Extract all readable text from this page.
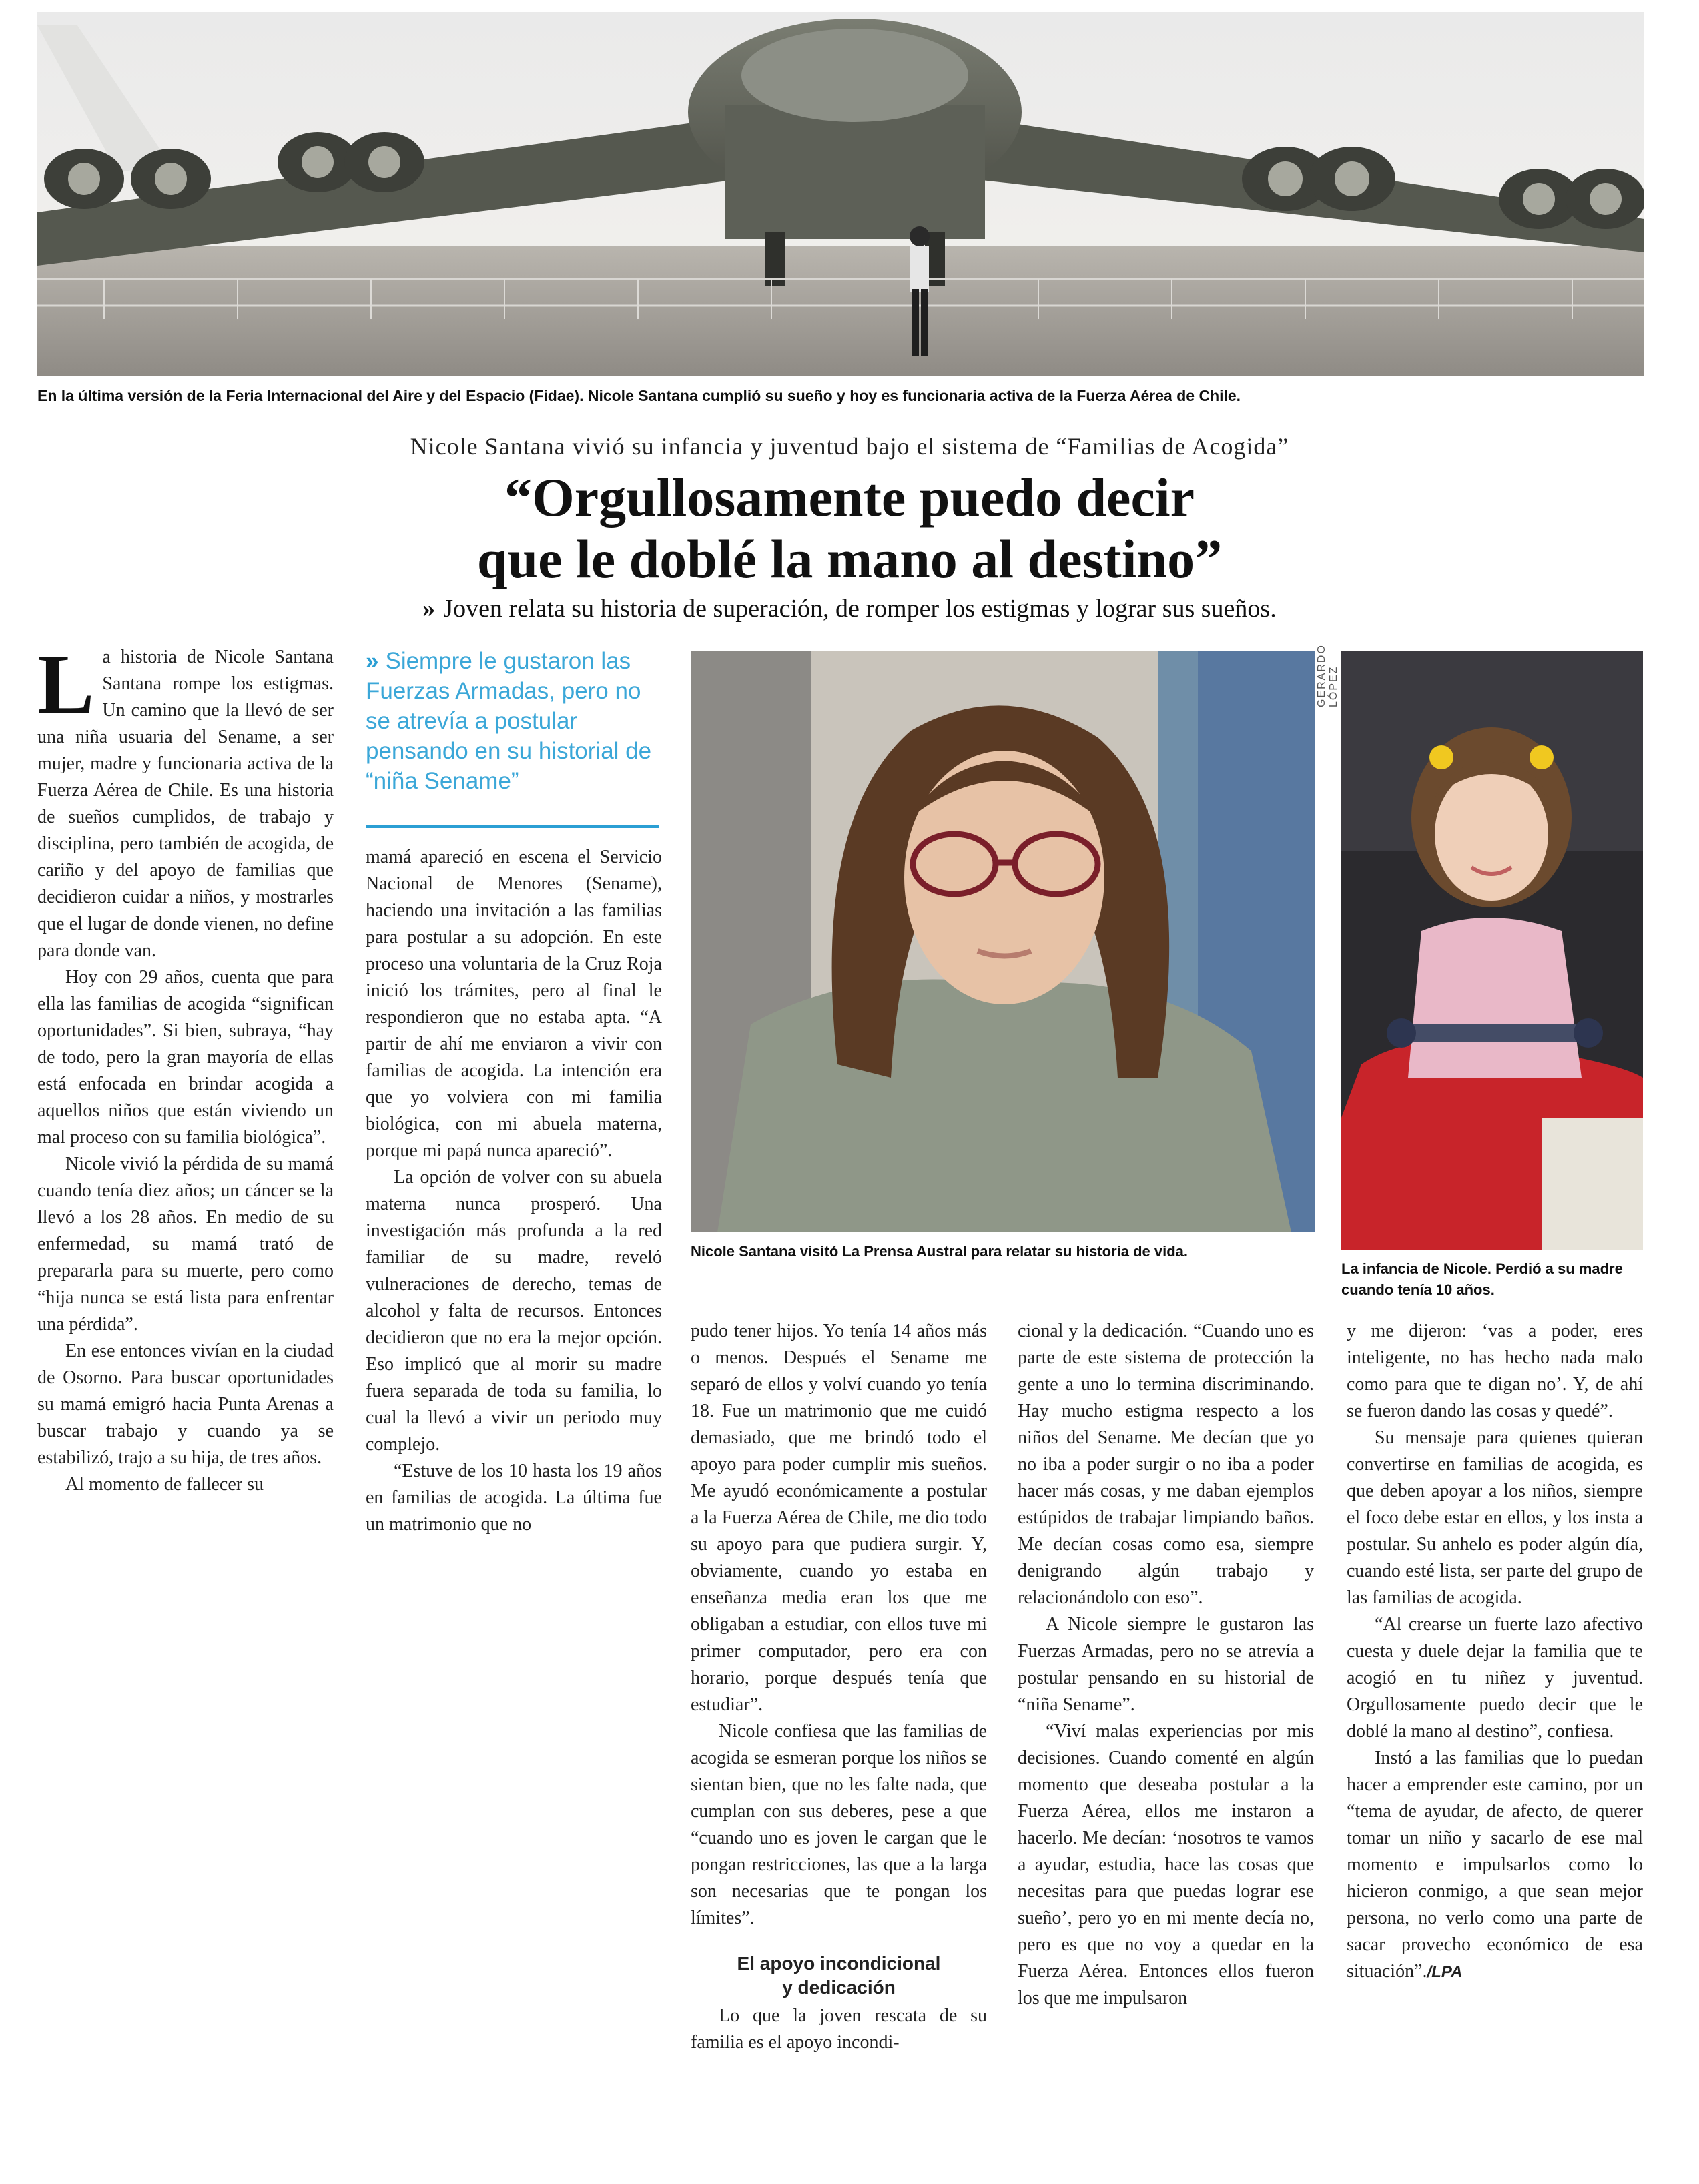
En la última versión de la Feria Internacional del Aire y del Espacio (Fidae). Nicole Santana cumplió su sueño y hoy es funcionaria activa de la Fuerza Aérea de Chile.
Nicole Santana vivió su infancia y juventud bajo el sistema de “Familias de Acogida”
“Orgullosamente puedo decir
que le doblé la mano al destino”
» Joven relata su historia de superación, de romper los estigmas y lograr sus sueños.

La historia de Nicole Santana Santana rompe los estigmas. Un camino que la llevó de ser una niña usuaria del Sename, a ser mujer, madre y funcionaria activa de la Fuerza Aérea de Chile. Es una historia de sueños cumplidos, de trabajo y disciplina, pero también de acogida, de cariño y del apoyo de familias que decidieron cuidar a niños, y mostrarles que el lugar de donde vienen, no define para donde van.

Hoy con 29 años, cuenta que para ella las familias de acogida “significan oportunidades”. Si bien, subraya, “hay de todo, pero la gran mayoría de ellas está enfocada en brindar acogida a aquellos niños que están viviendo un mal proceso con su familia biológica”.

Nicole vivió la pérdida de su mamá cuando tenía diez años; un cáncer se la llevó a los 28 años. En medio de su enfermedad, su mamá trató de prepararla para su muerte, pero como “hija nunca se está lista para enfrentar una pérdida”.

En ese entonces vivían en la ciudad de Osorno. Para buscar oportunidades su mamá emigró hacia Punta Arenas a buscar trabajo y cuando ya se estabilizó, trajo a su hija, de tres años.

Al momento de fallecer su

» Siempre le gustaron las Fuerzas Armadas, pero no se atrevía a postular pensando en su historial de “niña Sename”

mamá apareció en escena el Servicio Nacional de Menores (Sename), haciendo una invitación a las familias para postular a su adopción. En este proceso una voluntaria de la Cruz Roja inició los trámites, pero al final le respondieron que no estaba apta. “A partir de ahí me enviaron a vivir con familias de acogida. La intención era que yo volviera con mi familia biológica, con mi abuela materna, porque mi papá nunca apareció”.

La opción de volver con su abuela materna nunca prosperó. Una investigación más profunda a la red familiar de su madre, reveló vulneraciones de derecho, temas de alcohol y falta de recursos. Entonces decidieron que no era la mejor opción. Eso implicó que al morir su madre fuera separada de toda su familia, lo cual la llevó a vivir un periodo muy complejo.

“Estuve de los 10 hasta los 19 años en familias de acogida. La última fue un matrimonio que no

Nicole Santana visitó La Prensa Austral para relatar su historia de vida.
GERARDO LÓPEZ
La infancia de Nicole. Perdió a su madre cuando tenía 10 años.

pudo tener hijos. Yo tenía 14 años más o menos. Después el Sename me separó de ellos y volví cuando yo tenía 18. Fue un matrimonio que me cuidó demasiado, que me brindó todo el apoyo para poder cumplir mis sueños. Me ayudó económicamente a postular a la Fuerza Aérea de Chile, me dio todo su apoyo para que pudiera surgir. Y, obviamente, cuando yo estaba en enseñanza media eran los que me obligaban a estudiar, con ellos tuve mi primer computador, pero era con horario, porque después tenía que estudiar”.

Nicole confiesa que las familias de acogida se esmeran porque los niños se sientan bien, que no les falte nada, que cumplan con sus deberes, pese a que “cuando uno es joven le cargan que le pongan restricciones, las que a la larga son necesarias que te pongan los límites”.

El apoyo incondicional
y dedicación

Lo que la joven rescata de su familia es el apoyo incondi-

cional y la dedicación. “Cuando uno es parte de este sistema de protección la gente a uno lo termina discriminando. Hay mucho estigma respecto a los niños del Sename. Me decían que yo no iba a poder surgir o no iba a poder hacer más cosas, y me daban ejemplos estúpidos de trabajar limpiando baños. Me decían cosas como esa, siempre denigrando algún trabajo y relacionándolo con eso”.

A Nicole siempre le gustaron las Fuerzas Armadas, pero no se atrevía a postular pensando en su historial de “niña Sename”.

“Viví malas experiencias por mis decisiones. Cuando comenté en algún momento que deseaba postular a la Fuerza Aérea, ellos me instaron a hacerlo. Me decían: ‘nosotros te vamos a ayudar, estudia, hace las cosas que necesitas para que puedas lograr ese sueño’, pero yo en mi mente decía no, pero es que no voy a quedar en la Fuerza Aérea. Entonces ellos fueron los que me impulsaron

y me dijeron: ‘vas a poder, eres inteligente, no has hecho nada malo como para que te digan no’. Y, de ahí se fueron dando las cosas y quedé”.

Su mensaje para quienes quieran convertirse en familias de acogida, es que deben apoyar a los niños, siempre el foco debe estar en ellos, y los insta a postular. Su anhelo es poder algún día, cuando esté lista, ser parte del grupo de las familias de acogida.

“Al crearse un fuerte lazo afectivo cuesta y duele dejar la familia que te acogió en tu niñez y juventud. Orgullosamente puedo decir que le doblé la mano al destino”, confiesa.

Instó a las familias que lo puedan hacer a emprender este camino, por un “tema de ayudar, de afecto, de querer tomar un niño y sacarlo de ese mal momento e impulsarlos como lo hicieron conmigo, a que sean mejor persona, no verlo como una parte de sacar provecho económico de esa situación”./LPA
